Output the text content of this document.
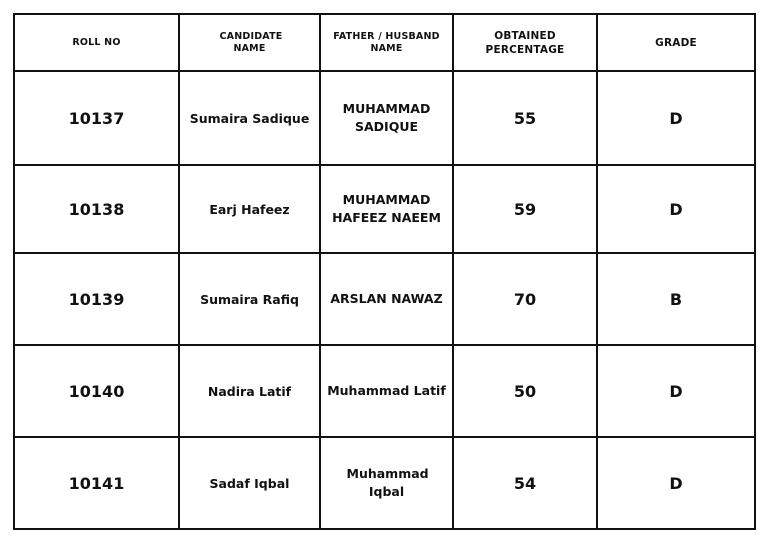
ROLL NO	CANDIDATE NAME	FATHER / HUSBAND NAME	OBTAINED PERCENTAGE	GRADE
10137	Sumaira Sadique	MUHAMMAD SADIQUE	55	D
10138	Earj Hafeez	MUHAMMAD HAFEEZ NAEEM	59	D
10139	Sumaira Rafiq	ARSLAN NAWAZ	70	B
10140	Nadira Latif	Muhammad Latif	50	D
10141	Sadaf Iqbal	Muhammad Iqbal	54	D
